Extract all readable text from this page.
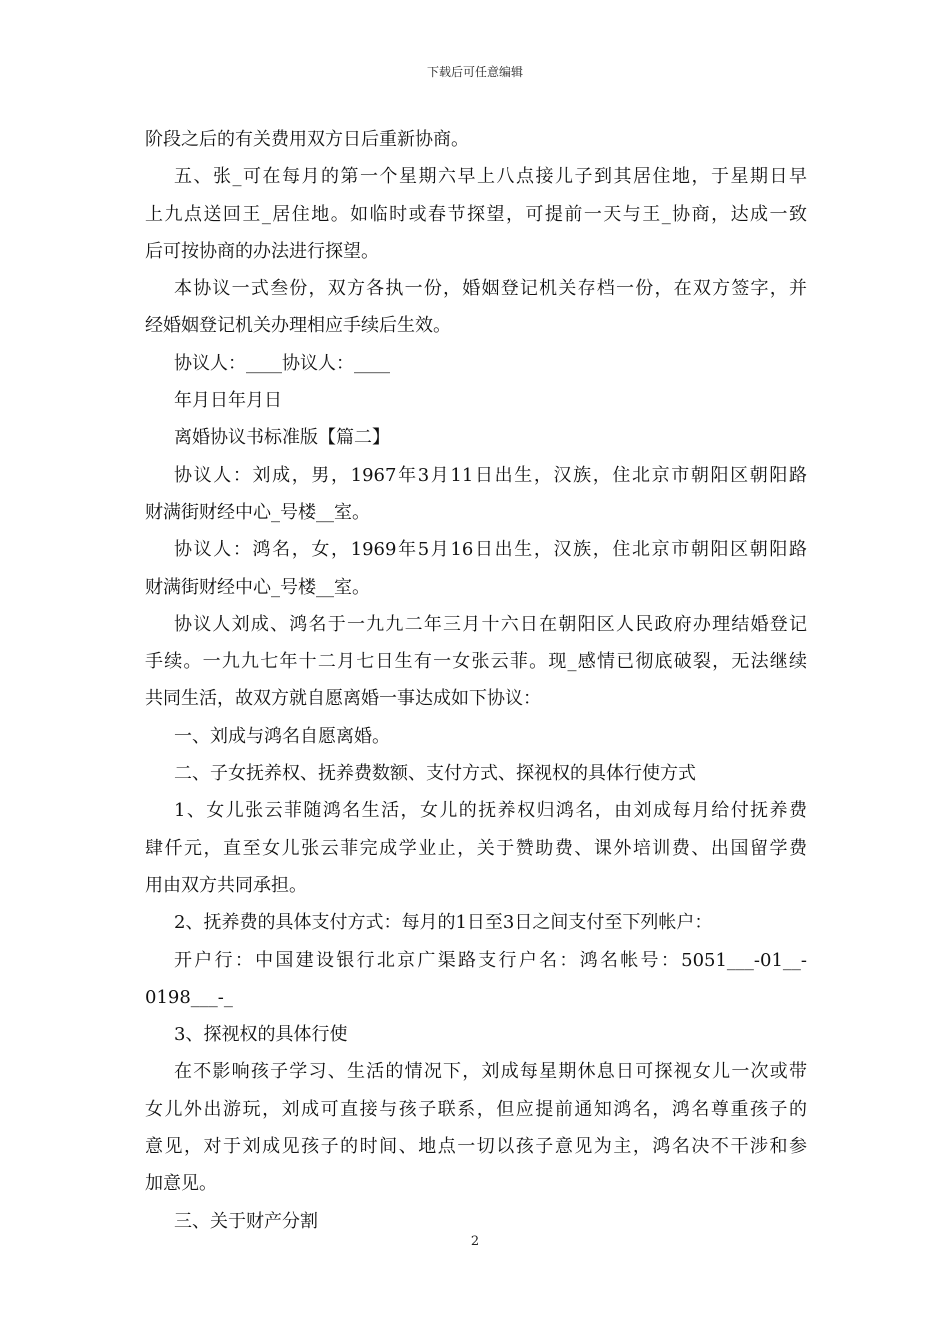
下载后可任意编辑
阶段之后的有关费用双方日后重新协商。
五、张_可在每月的第一个星期六早上八点接儿子到其居住地，于星期日早
上九点送回王_居住地。如临时或春节探望，可提前一天与王_协商，达成一致
后可按协商的办法进行探望。
本协议一式叁份，双方各执一份，婚姻登记机关存档一份，在双方签字，并
经婚姻登记机关办理相应手续后生效。
协议人：____协议人：____
年月日年月日
离婚协议书标准版【篇二】
协议人：刘成，男，1967年3月11日出生，汉族，住北京市朝阳区朝阳路
财满街财经中心_号楼__室。
协议人：鸿名，女，1969年5月16日出生，汉族，住北京市朝阳区朝阳路
财满街财经中心_号楼__室。
协议人刘成、鸿名于一九九二年三月十六日在朝阳区人民政府办理结婚登记
手续。一九九七年十二月七日生有一女张云菲。现_感情已彻底破裂，无法继续
共同生活，故双方就自愿离婚一事达成如下协议：
一、刘成与鸿名自愿离婚。
二、子女抚养权、抚养费数额、支付方式、探视权的具体行使方式
1、女儿张云菲随鸿名生活，女儿的抚养权归鸿名，由刘成每月给付抚养费
肆仟元，直至女儿张云菲完成学业止，关于赞助费、课外培训费、出国留学费
用由双方共同承担。
2、抚养费的具体支付方式：每月的1日至3日之间支付至下列帐户：
开户行：中国建设银行北京广渠路支行户名：鸿名帐号：5051___-01__-
0198___-_
3、探视权的具体行使
在不影响孩子学习、生活的情况下，刘成每星期休息日可探视女儿一次或带
女儿外出游玩，刘成可直接与孩子联系，但应提前通知鸿名，鸿名尊重孩子的
意见，对于刘成见孩子的时间、地点一切以孩子意见为主，鸿名决不干涉和参
加意见。
三、关于财产分割
2
